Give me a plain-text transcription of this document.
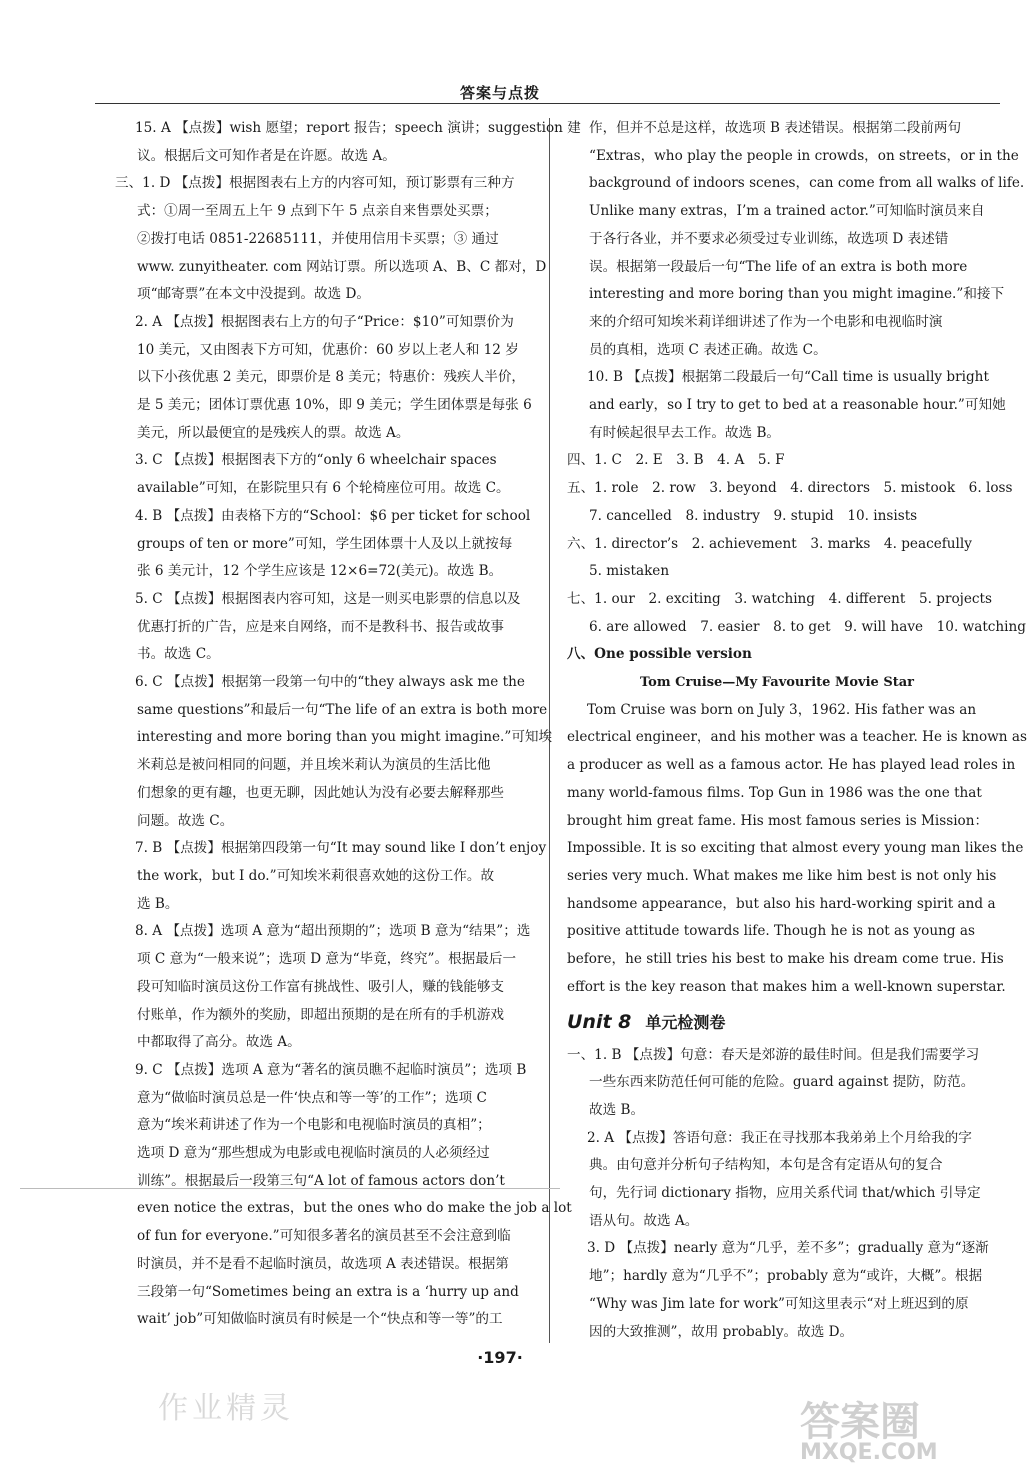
答案与点拨
15. A 【点拨】wish 愿望；report 报告；speech 演讲；suggestion 建
议。根据后文可知作者是在许愿。故选 A。
三、1. D 【点拨】根据图表右上方的内容可知，预订影票有三种方
式：①周一至周五上午 9 点到下午 5 点亲自来售票处买票；
②拨打电话 0851-22685111，并使用信用卡买票；③ 通过
www. zunyitheater. com 网站订票。所以选项 A、B、C 都对，D
项“邮寄票”在本文中没提到。故选 D。
2. A 【点拨】根据图表右上方的句子“Price：$10”可知票价为
10 美元，又由图表下方可知，优惠价：60 岁以上老人和 12 岁
以下小孩优惠 2 美元，即票价是 8 美元；特惠价：残疾人半价，
是 5 美元；团体订票优惠 10%，即 9 美元；学生团体票是每张 6
美元，所以最便宜的是残疾人的票。故选 A。
3. C 【点拨】根据图表下方的“only 6 wheelchair spaces
available”可知，在影院里只有 6 个轮椅座位可用。故选 C。
4. B 【点拨】由表格下方的“School：$6 per ticket for school
groups of ten or more”可知，学生团体票十人及以上就按每
张 6 美元计，12 个学生应该是 12×6=72(美元)。故选 B。
5. C 【点拨】根据图表内容可知，这是一则买电影票的信息以及
优惠打折的广告，应是来自网络，而不是教科书、报告或故事
书。故选 C。
6. C 【点拨】根据第一段第一句中的“they always ask me the
same questions”和最后一句“The life of an extra is both more
interesting and more boring than you might imagine.”可知埃
米莉总是被问相同的问题，并且埃米莉认为演员的生活比他
们想象的更有趣，也更无聊，因此她认为没有必要去解释那些
问题。故选 C。
7. B 【点拨】根据第四段第一句“It may sound like I don’t enjoy
the work，but I do.”可知埃米莉很喜欢她的这份工作。故
选 B。
8. A 【点拨】选项 A 意为“超出预期的”；选项 B 意为“结果”；选
项 C 意为“一般来说”；选项 D 意为“毕竟，终究”。根据最后一
段可知临时演员这份工作富有挑战性、吸引人，赚的钱能够支
付账单，作为额外的奖励，即超出预期的是在所有的手机游戏
中都取得了高分。故选 A。
9. C 【点拨】选项 A 意为“著名的演员瞧不起临时演员”；选项 B
意为“做临时演员总是一件‘快点和等一等’的工作”；选项 C
意为“埃米莉讲述了作为一个电影和电视临时演员的真相”；
选项 D 意为“那些想成为电影或电视临时演员的人必须经过
训练”。根据最后一段第三句“A lot of famous actors don’t
even notice the extras，but the ones who do make the job a lot
of fun for everyone.”可知很多著名的演员甚至不会注意到临
时演员，并不是看不起临时演员，故选项 A 表述错误。根据第
三段第一句“Sometimes being an extra is a ‘hurry up and
wait’ job”可知做临时演员有时候是一个“快点和等一等”的工
作，但并不总是这样，故选项 B 表述错误。根据第二段前两句
“Extras，who play the people in crowds，on streets，or in the
background of indoors scenes，can come from all walks of life.
Unlike many extras，I’m a trained actor.”可知临时演员来自
于各行各业，并不要求必须受过专业训练，故选项 D 表述错
误。根据第一段最后一句“The life of an extra is both more
interesting and more boring than you might imagine.”和接下
来的介绍可知埃米莉详细讲述了作为一个电影和电视临时演
员的真相，选项 C 表述正确。故选 C。
10. B 【点拨】根据第二段最后一句“Call time is usually bright
and early，so I try to get to bed at a reasonable hour.”可知她
有时候起很早去工作。故选 B。
四、1. C　2. E　3. B　4. A　5. F
五、1. role　2. row　3. beyond　4. directors　5. mistook　6. loss
7. cancelled　8. industry　9. stupid　10. insists
六、1. director’s　2. achievement　3. marks　4. peacefully
5. mistaken
七、1. our　2. exciting　3. watching　4. different　5. projects
6. are allowed　7. easier　8. to get　9. will have　10. watching
八、One possible version
Tom Cruise—My Favourite Movie Star
Tom Cruise was born on July 3，1962. His father was an
electrical engineer，and his mother was a teacher. He is known as
a producer as well as a famous actor. He has played lead roles in
many world-famous films. Top Gun in 1986 was the one that
brought him great fame. His most famous series is Mission：
Impossible. It is so exciting that almost every young man likes the
series very much. What makes me like him best is not only his
handsome appearance，but also his hard-working spirit and a
positive attitude towards life. Though he is not as young as
before，he still tries his best to make his dream come true. His
effort is the key reason that makes him a well-known superstar.
Unit 8 单元检测卷
一、1. B 【点拨】句意：春天是郊游的最佳时间。但是我们需要学习
一些东西来防范任何可能的危险。guard against 提防，防范。
故选 B。
2. A 【点拨】答语句意：我正在寻找那本我弟弟上个月给我的字
典。由句意并分析句子结构知，本句是含有定语从句的复合
句，先行词 dictionary 指物，应用关系代词 that/which 引导定
语从句。故选 A。
3. D 【点拨】nearly 意为“几乎，差不多”；gradually 意为“逐渐
地”；hardly 意为“几乎不”；probably 意为“或许，大概”。根据
“Why was Jim late for work”可知这里表示“对上班迟到的原
因的大致推测”，故用 probably。故选 D。
·197·
作业精灵	答案圈
MXQE.COM
